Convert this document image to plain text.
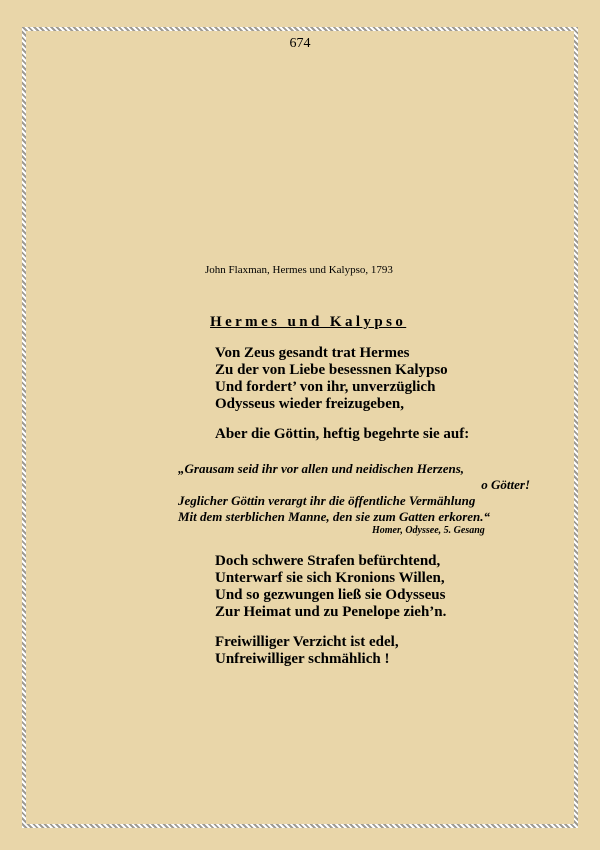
674
John Flaxman, Hermes und Kalypso, 1793
Hermes und Kalypso
Von Zeus gesandt trat Hermes
Zu der von Liebe besessnen Kalypso
Und fordert’ von ihr, unverzüglich
Odysseus wieder freizugeben,
Aber die Göttin, heftig begehrte sie auf:
„Grausam seid ihr vor allen und neidischen Herzens,
o Götter!
Jeglicher Göttin verargt ihr die öffentliche Vermählung
Mit dem sterblichen Manne, den sie zum Gatten erkoren.“
Homer, Odyssee, 5. Gesang
Doch schwere Strafen befürchtend,
Unterwarf sie sich Kronions Willen,
Und so gezwungen ließ sie Odysseus
Zur Heimat und zu Penelope zieh’n.
Freiwilliger Verzicht ist edel,
Unfreiwilliger schmählich !
